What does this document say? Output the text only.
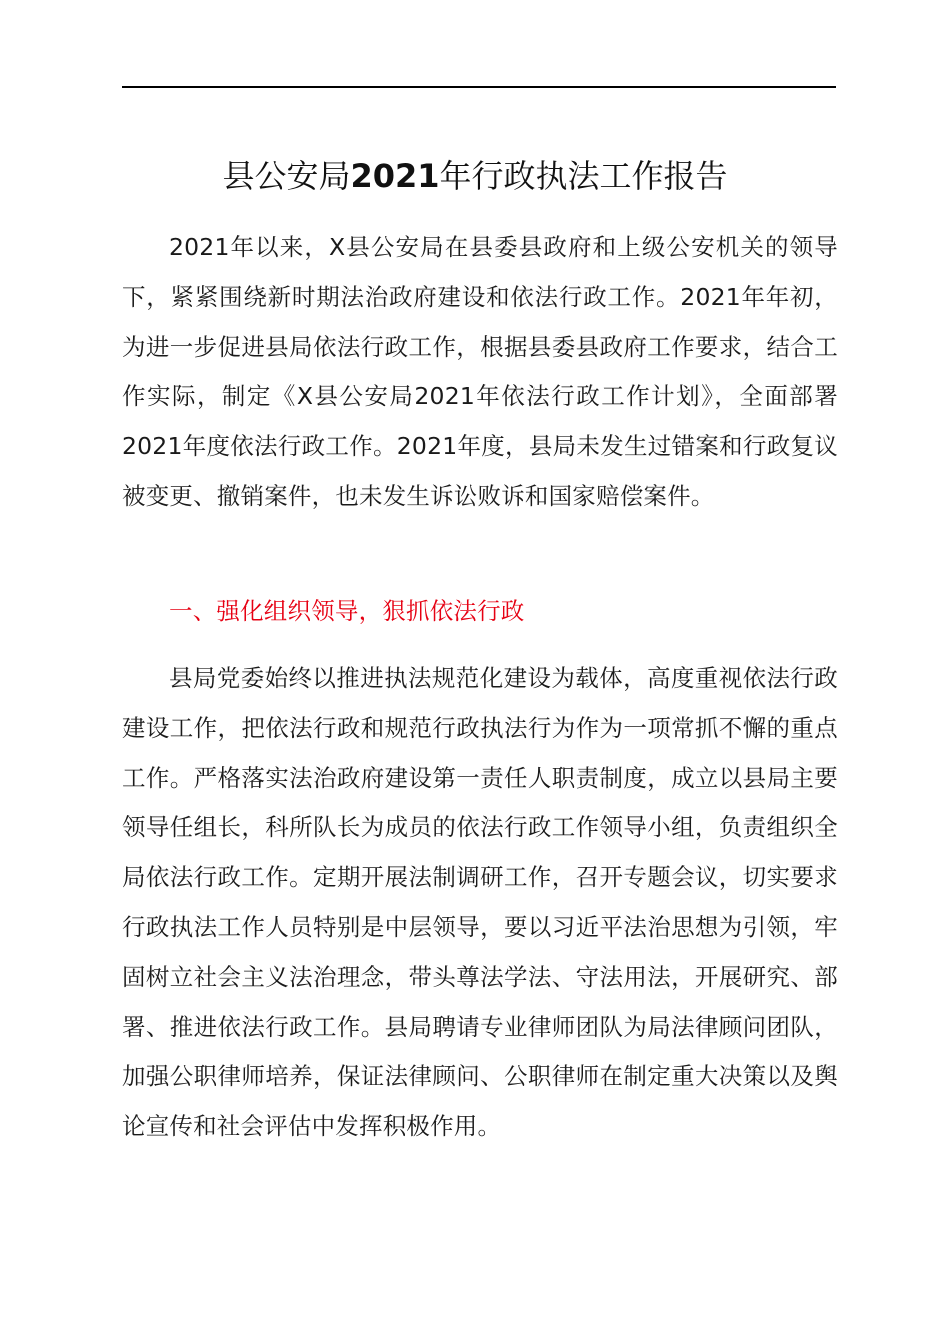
县公安局2021年行政执法工作报告

2021年以来，X县公安局在县委县政府和上级公安机关的领导下，紧紧围绕新时期法治政府建设和依法行政工作。2021年年初，为进一步促进县局依法行政工作，根据县委县政府工作要求，结合工作实际，制定《X县公安局2021年依法行政工作计划》，全面部署2021年度依法行政工作。2021年度，县局未发生过错案和行政复议被变更、撤销案件，也未发生诉讼败诉和国家赔偿案件。

一、强化组织领导，狠抓依法行政

县局党委始终以推进执法规范化建设为载体，高度重视依法行政建设工作，把依法行政和规范行政执法行为作为一项常抓不懈的重点工作。严格落实法治政府建设第一责任人职责制度，成立以县局主要领导任组长，科所队长为成员的依法行政工作领导小组，负责组织全局依法行政工作。定期开展法制调研工作，召开专题会议，切实要求行政执法工作人员特别是中层领导，要以习近平法治思想为引领，牢固树立社会主义法治理念，带头尊法学法、守法用法，开展研究、部署、推进依法行政工作。县局聘请专业律师团队为局法律顾问团队，加强公职律师培养，保证法律顾问、公职律师在制定重大决策以及舆论宣传和社会评估中发挥积极作用。
